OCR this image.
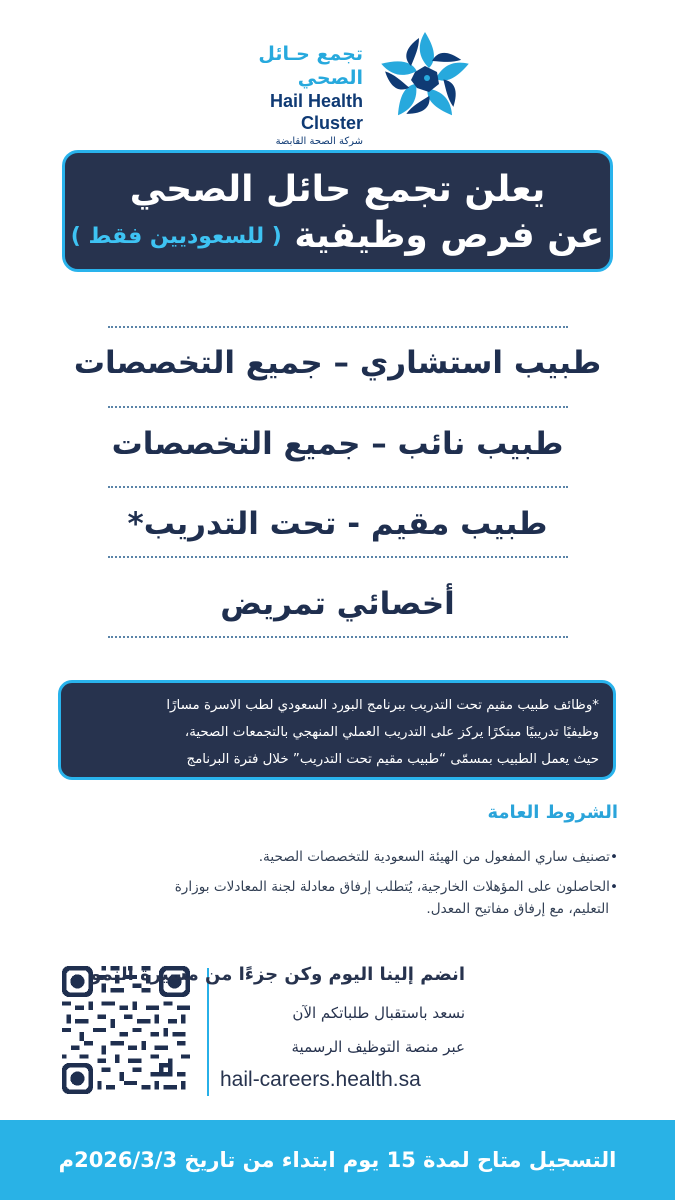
تجمع حـائل الصحي
Hail Health Cluster
شركة الصحة القابضة
يعلن تجمع حائل الصحي
عن فرص وظيفية ( للسعوديين فقط )
طبيب استشاري – جميع التخصصات
طبيب نائب – جميع التخصصات
طبيب مقيم - تحت التدريب*
أخصائي تمريض
*وظائف طبيب مقيم تحت التدريب ببرنامج البورد السعودي لطب الاسرة مسارًا
وظيفيًا تدريبيًا مبتكرًا يركز على التدريب العملي المنهجي بالتجمعات الصحية،
حيث يعمل الطبيب بمسمّى “طبيب مقيم تحت التدريب” خلال فترة البرنامج
الشروط العامة
•تصنيف ساري المفعول من الهيئة السعودية للتخصصات الصحية.
•الحاصلون على المؤهلات الخارجية، يُتطلب إرفاق معادلة لجنة المعادلات بوزارة
التعليم، مع إرفاق مفاتيح المعدل.
انضم إلينا اليوم وكن جزءًا من مسيرة النمو
نسعد باستقبال طلباتكم الآن
عبر منصة التوظيف الرسمية
hail-careers.health.sa
التسجيل متاح لمدة 15 يوم ابتداء من تاريخ 2026/3/3م
